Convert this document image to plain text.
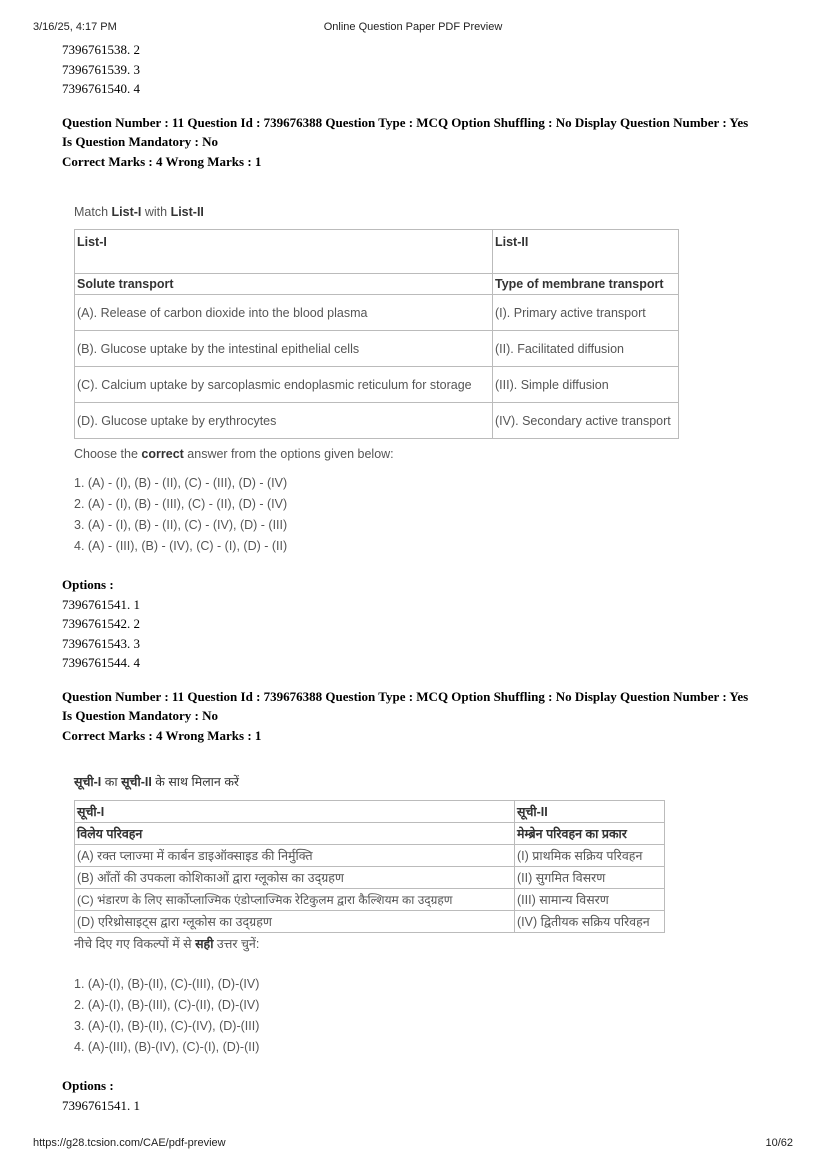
3/16/25, 4:17 PM	Online Question Paper PDF Preview
7396761538. 2
7396761539. 3
7396761540. 4
Question Number : 11 Question Id : 739676388 Question Type : MCQ Option Shuffling : No Display Question Number : Yes
Is Question Mandatory : No
Correct Marks : 4 Wrong Marks : 1
Match List-I with List-II
List-I	List-II
Solute transport	Type of membrane transport
(A). Release of carbon dioxide into the blood plasma	(I). Primary active transport
(B). Glucose uptake by the intestinal epithelial cells	(II). Facilitated diffusion
(C). Calcium uptake by sarcoplasmic endoplasmic reticulum for storage	(III). Simple diffusion
(D). Glucose uptake by erythrocytes	(IV). Secondary active transport
Choose the correct answer from the options given below:
1. (A) - (I), (B) - (II), (C) - (III), (D) - (IV)
2. (A) - (I), (B) - (III), (C) - (II), (D) - (IV)
3. (A) - (I), (B) - (II), (C) - (IV), (D) - (III)
4. (A) - (III), (B) - (IV), (C) - (I), (D) - (II)
Options :
7396761541. 1
7396761542. 2
7396761543. 3
7396761544. 4
Question Number : 11 Question Id : 739676388 Question Type : MCQ Option Shuffling : No Display Question Number : Yes
Is Question Mandatory : No
Correct Marks : 4 Wrong Marks : 1
सूची-I का सूची-II के साथ मिलान करें
सूची-I	सूची-II
विलेय परिवहन	मेम्ब्रेन परिवहन का प्रकार
(A) रक्त प्लाज्मा में कार्बन डाइऑक्साइड की निर्मुक्ति	(I) प्राथमिक सक्रिय परिवहन
(B) आँतों की उपकला कोशिकाओं द्वारा ग्लूकोस का उद्ग्रहण	(II) सुगमित विसरण
(C) भंडारण के लिए सार्कोप्लाज्मिक एंडोप्लाज्मिक रेटिकुलम द्वारा कैल्शियम का उद्ग्रहण	(III) सामान्य विसरण
(D) एरिथ्रोसाइट्स द्वारा ग्लूकोस का उद्ग्रहण	(IV) द्वितीयक सक्रिय परिवहन
नीचे दिए गए विकल्पों में से सही उत्तर चुनें:
1. (A)-(I), (B)-(II), (C)-(III), (D)-(IV)
2. (A)-(I), (B)-(III), (C)-(II), (D)-(IV)
3. (A)-(I), (B)-(II), (C)-(IV), (D)-(III)
4. (A)-(III), (B)-(IV), (C)-(I), (D)-(II)
Options :
7396761541. 1
https://g28.tcsion.com/CAE/pdf-preview	10/62
